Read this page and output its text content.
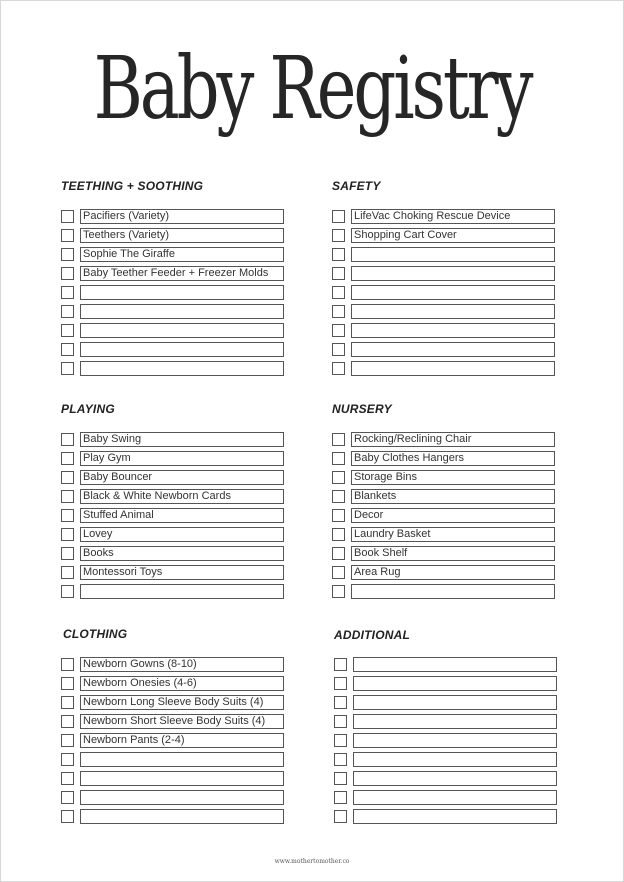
Baby Registry
TEETHING + SOOTHING
Pacifiers (Variety)
Teethers (Variety)
Sophie The Giraffe
Baby Teether Feeder + Freezer Molds
SAFETY
LifeVac Choking Rescue Device
Shopping Cart Cover
PLAYING
Baby Swing
Play Gym
Baby Bouncer
Black & White Newborn Cards
Stuffed Animal
Lovey
Books
Montessori Toys
NURSERY
Rocking/Reclining Chair
Baby Clothes Hangers
Storage Bins
Blankets
Decor
Laundry Basket
Book Shelf
Area Rug
CLOTHING
Newborn Gowns (8-10)
Newborn Onesies (4-6)
Newborn Long Sleeve Body Suits (4)
Newborn Short Sleeve Body Suits (4)
Newborn Pants (2-4)
ADDITIONAL
www.mothertomother.co
